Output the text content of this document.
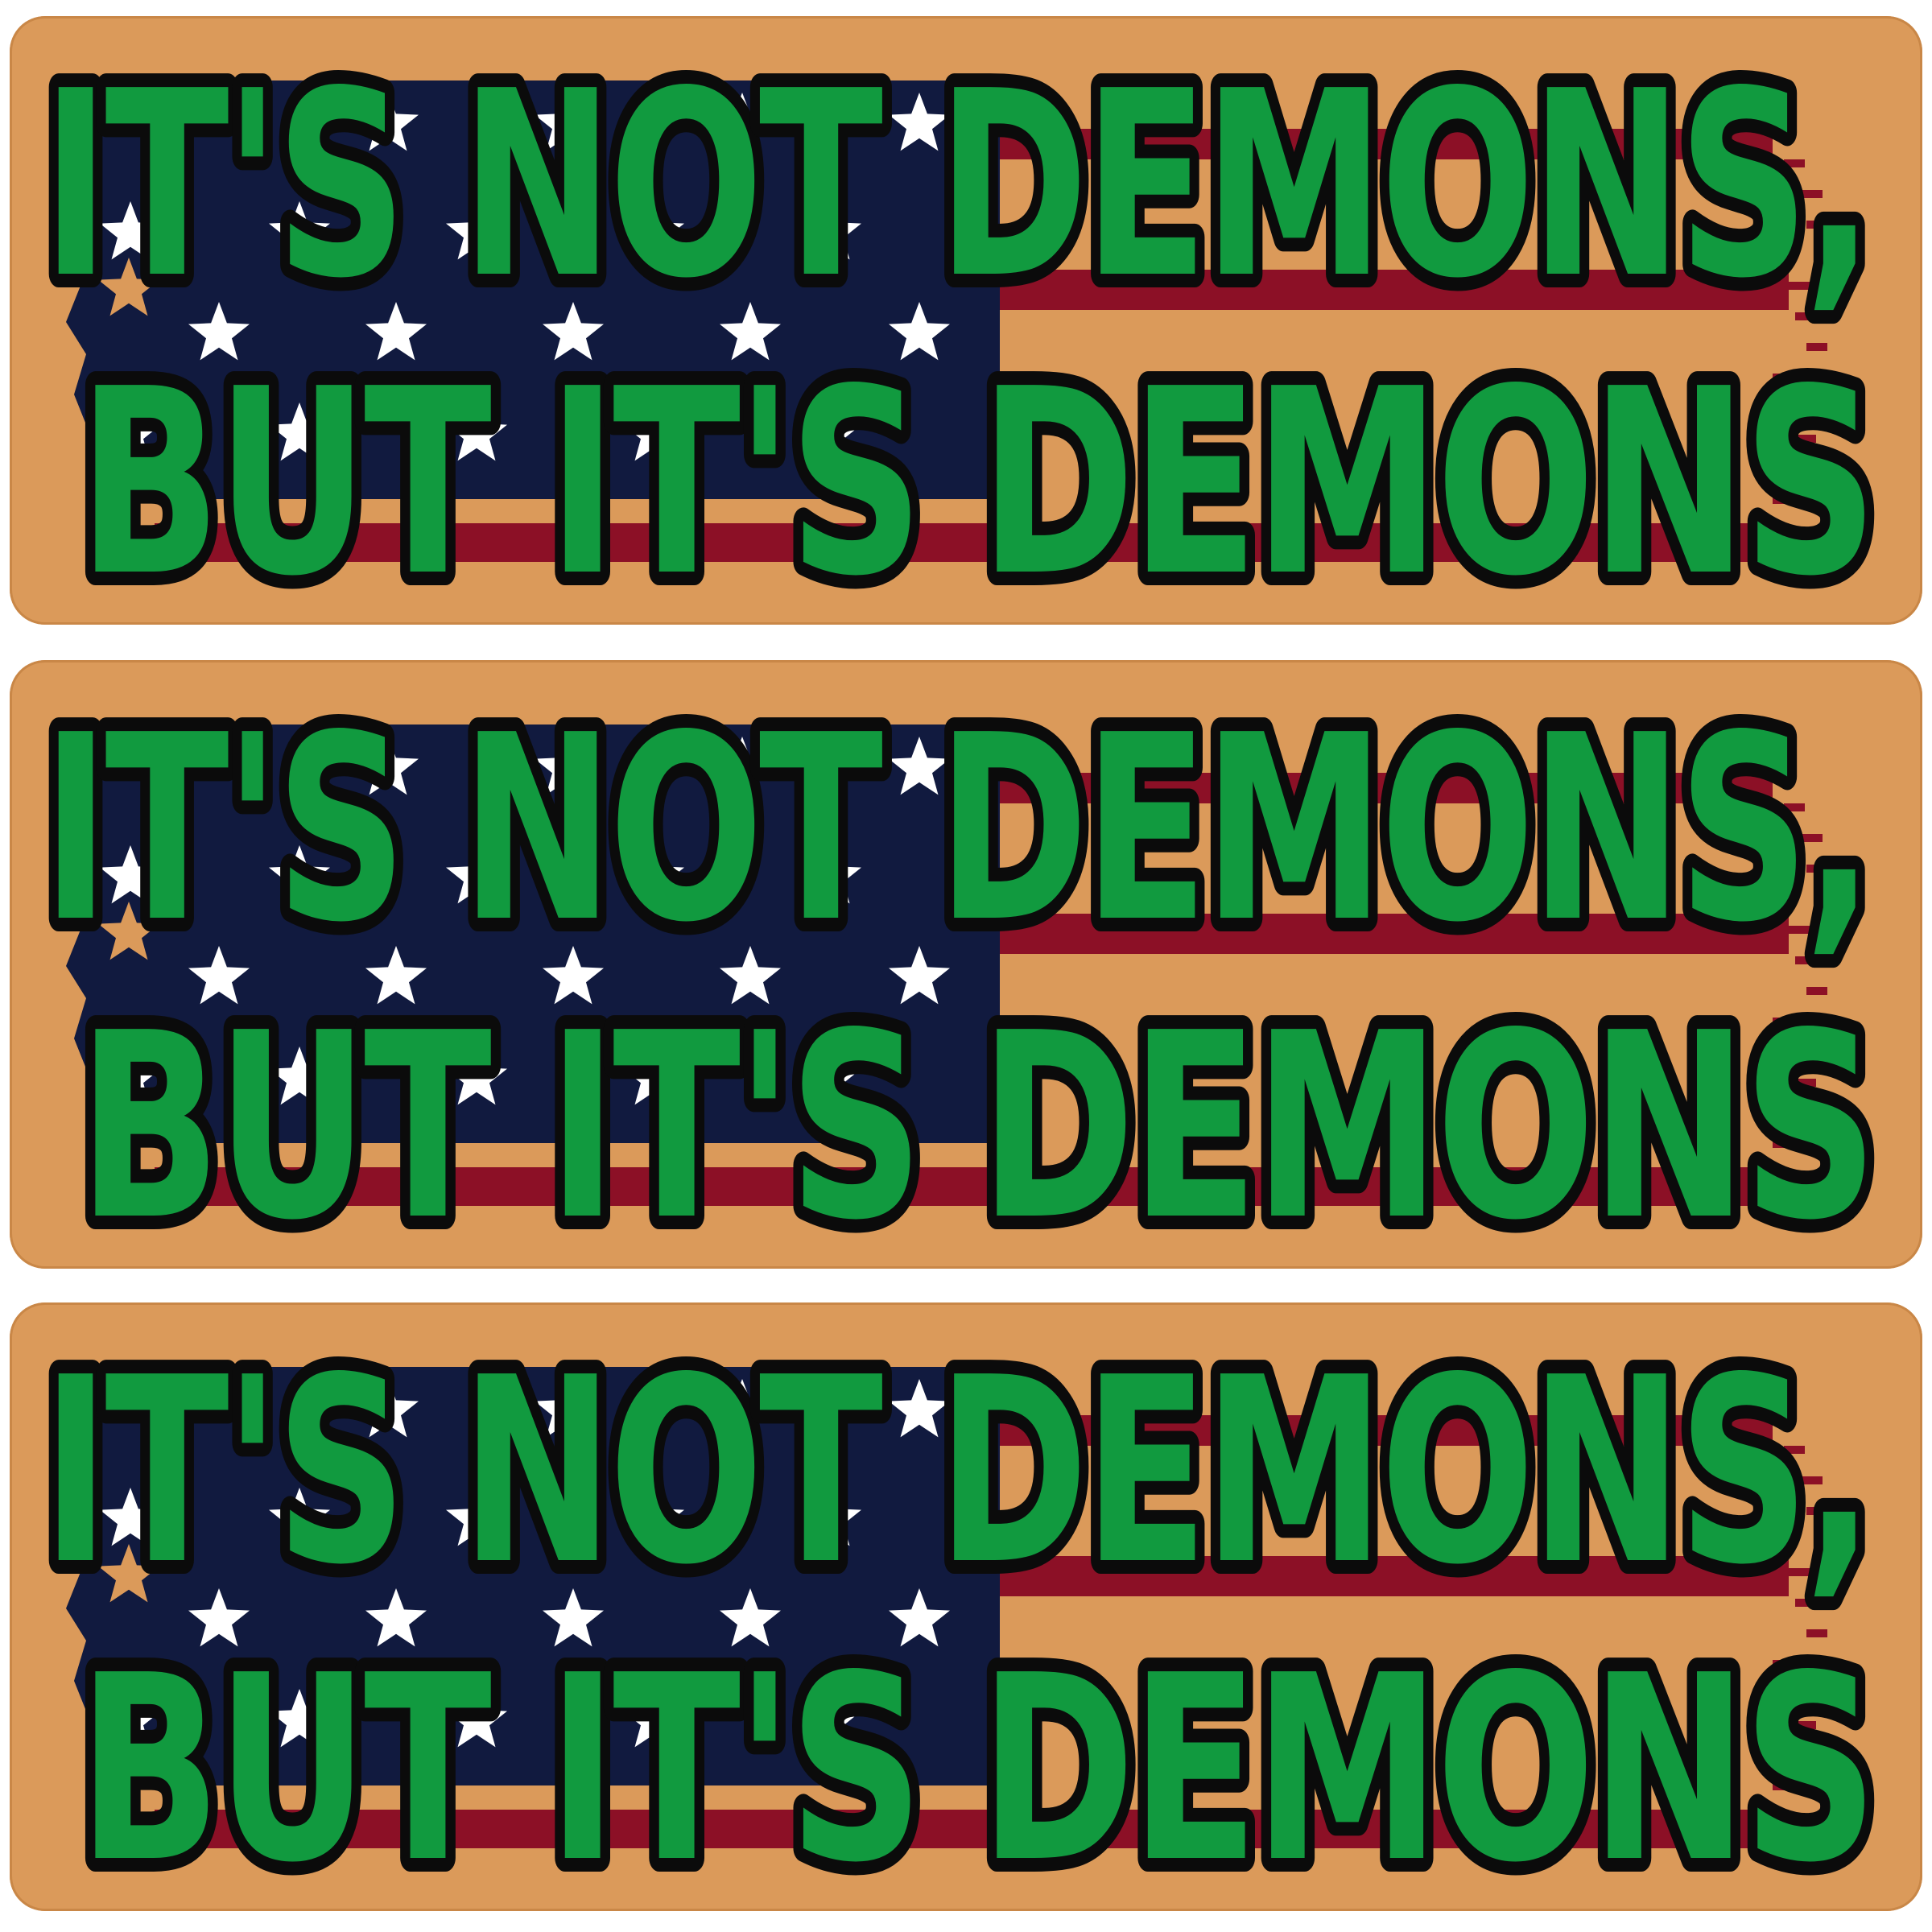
IT'S NOT DEMONS,
BUT IT'S DEMONS
IT'S NOT DEMONS,
BUT IT'S DEMONS
IT'S NOT DEMONS,
BUT IT'S DEMONS
